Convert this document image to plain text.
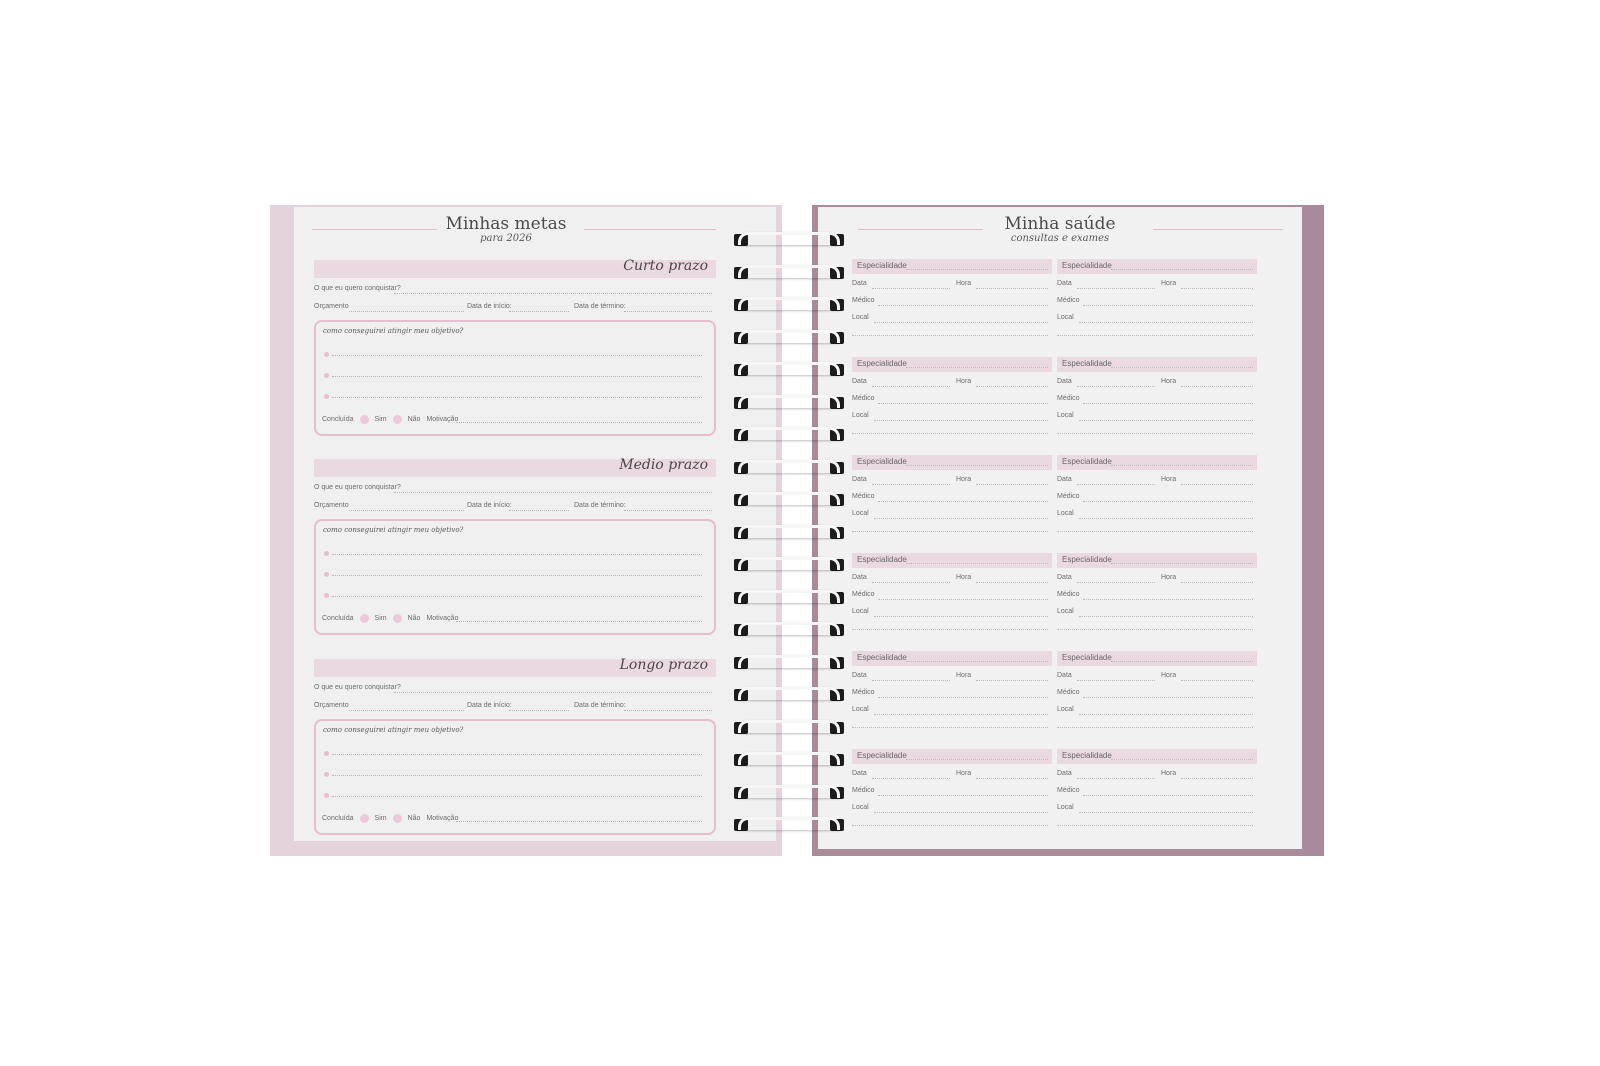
Minhas metas
para 2026
Curto prazo
O que eu quero conquistar?
Orçamento	Data de início:	Data de término:
como conseguirei atingir meu objetivo?
Concluída	Sim	Não Motivação
Medio prazo
O que eu quero conquistar?
Orçamento	Data de início:	Data de término:
como conseguirei atingir meu objetivo?
Concluída	Sim	Não Motivação
Longo prazo
O que eu quero conquistar?
Orçamento	Data de início:	Data de término:
como conseguirei atingir meu objetivo?
Concluída	Sim	Não Motivação
Minha saúde
consultas e exames
Especialidade
Data	Hora
Médico
Local
Especialidade
Data	Hora
Médico
Local
Especialidade
Data	Hora
Médico
Local
Especialidade
Data	Hora
Médico
Local
Especialidade
Data	Hora
Médico
Local
Especialidade
Data	Hora
Médico
Local
Especialidade
Data	Hora
Médico
Local
Especialidade
Data	Hora
Médico
Local
Especialidade
Data	Hora
Médico
Local
Especialidade
Data	Hora
Médico
Local
Especialidade
Data	Hora
Médico
Local
Especialidade
Data	Hora
Médico
Local
